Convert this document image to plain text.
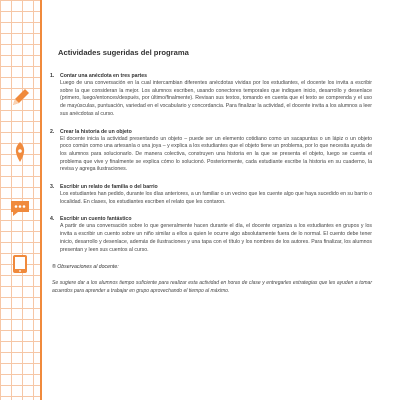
Actividades sugeridas del programa
1.	Contar una anécdota en tres partes
Luego de una conversación en la cual intercambian diferentes anécdotas vividas por los estudiantes, el docente los invita a escribir sobre la que consideran la mejor. Los alumnos escriben, usando conectores temporales que indiquen inicio, desarrollo y desenlace (primero, luego/entonces/después, por último/finalmente). Revisan sus textos, tomando en cuenta que el texto se comprenda y el uso de mayúsculas, puntuación, variedad en el vocabulario y concordancia. Para finalizar la actividad, el docente invita a los alumnos a leer sus anécdotas al curso.
2.	Crear la historia de un objeto
El docente inicia la actividad presentando un objeto – puede ser un elemento cotidiano como un sacapuntas o un lápiz o un objeto poco común como una artesanía o una joya – y explica a los estudiantes que el objeto tiene un problema, por lo que necesita ayuda de los alumnos para solucionarlo. De manera colectiva, construyen una historia en la que se presenta el objeto, luego se cuenta el problema que vive y finalmente se explica cómo lo solucionó. Posteriormente, cada estudiante escribe la historia en su cuaderno, la revisa y agrega ilustraciones.
3.	Escribir un relato de familia o del barrio
Los estudiantes han pedido, durante los días anteriores, a un familiar o un vecino que les cuente algo que haya sucedido en su barrio o localidad. En clases, los estudiantes escriben el relato que les contaron.
4.	Escribir un cuento fantástico
A partir de una conversación sobre lo que generalmente hacen durante el día, el docente organiza a los estudiantes en grupos y los invita a escribir un cuento sobre un niño similar a ellos a quien le ocurre algo absolutamente fuera de lo normal. El cuento debe tener inicio, desarrollo y desenlace, además de ilustraciones y una tapa con el título y los nombres de los autores. Para finalizar, los alumnos presentan y leen sus cuentos al curso.
® Observaciones al docente:
Se sugiere dar a los alumnos tiempo suficiente para realizar esta actividad en horas de clase y entregarles estrategias que les ayuden a tomar acuerdos para aprender a trabajar en grupo aprovechando el tiempo al máximo.
